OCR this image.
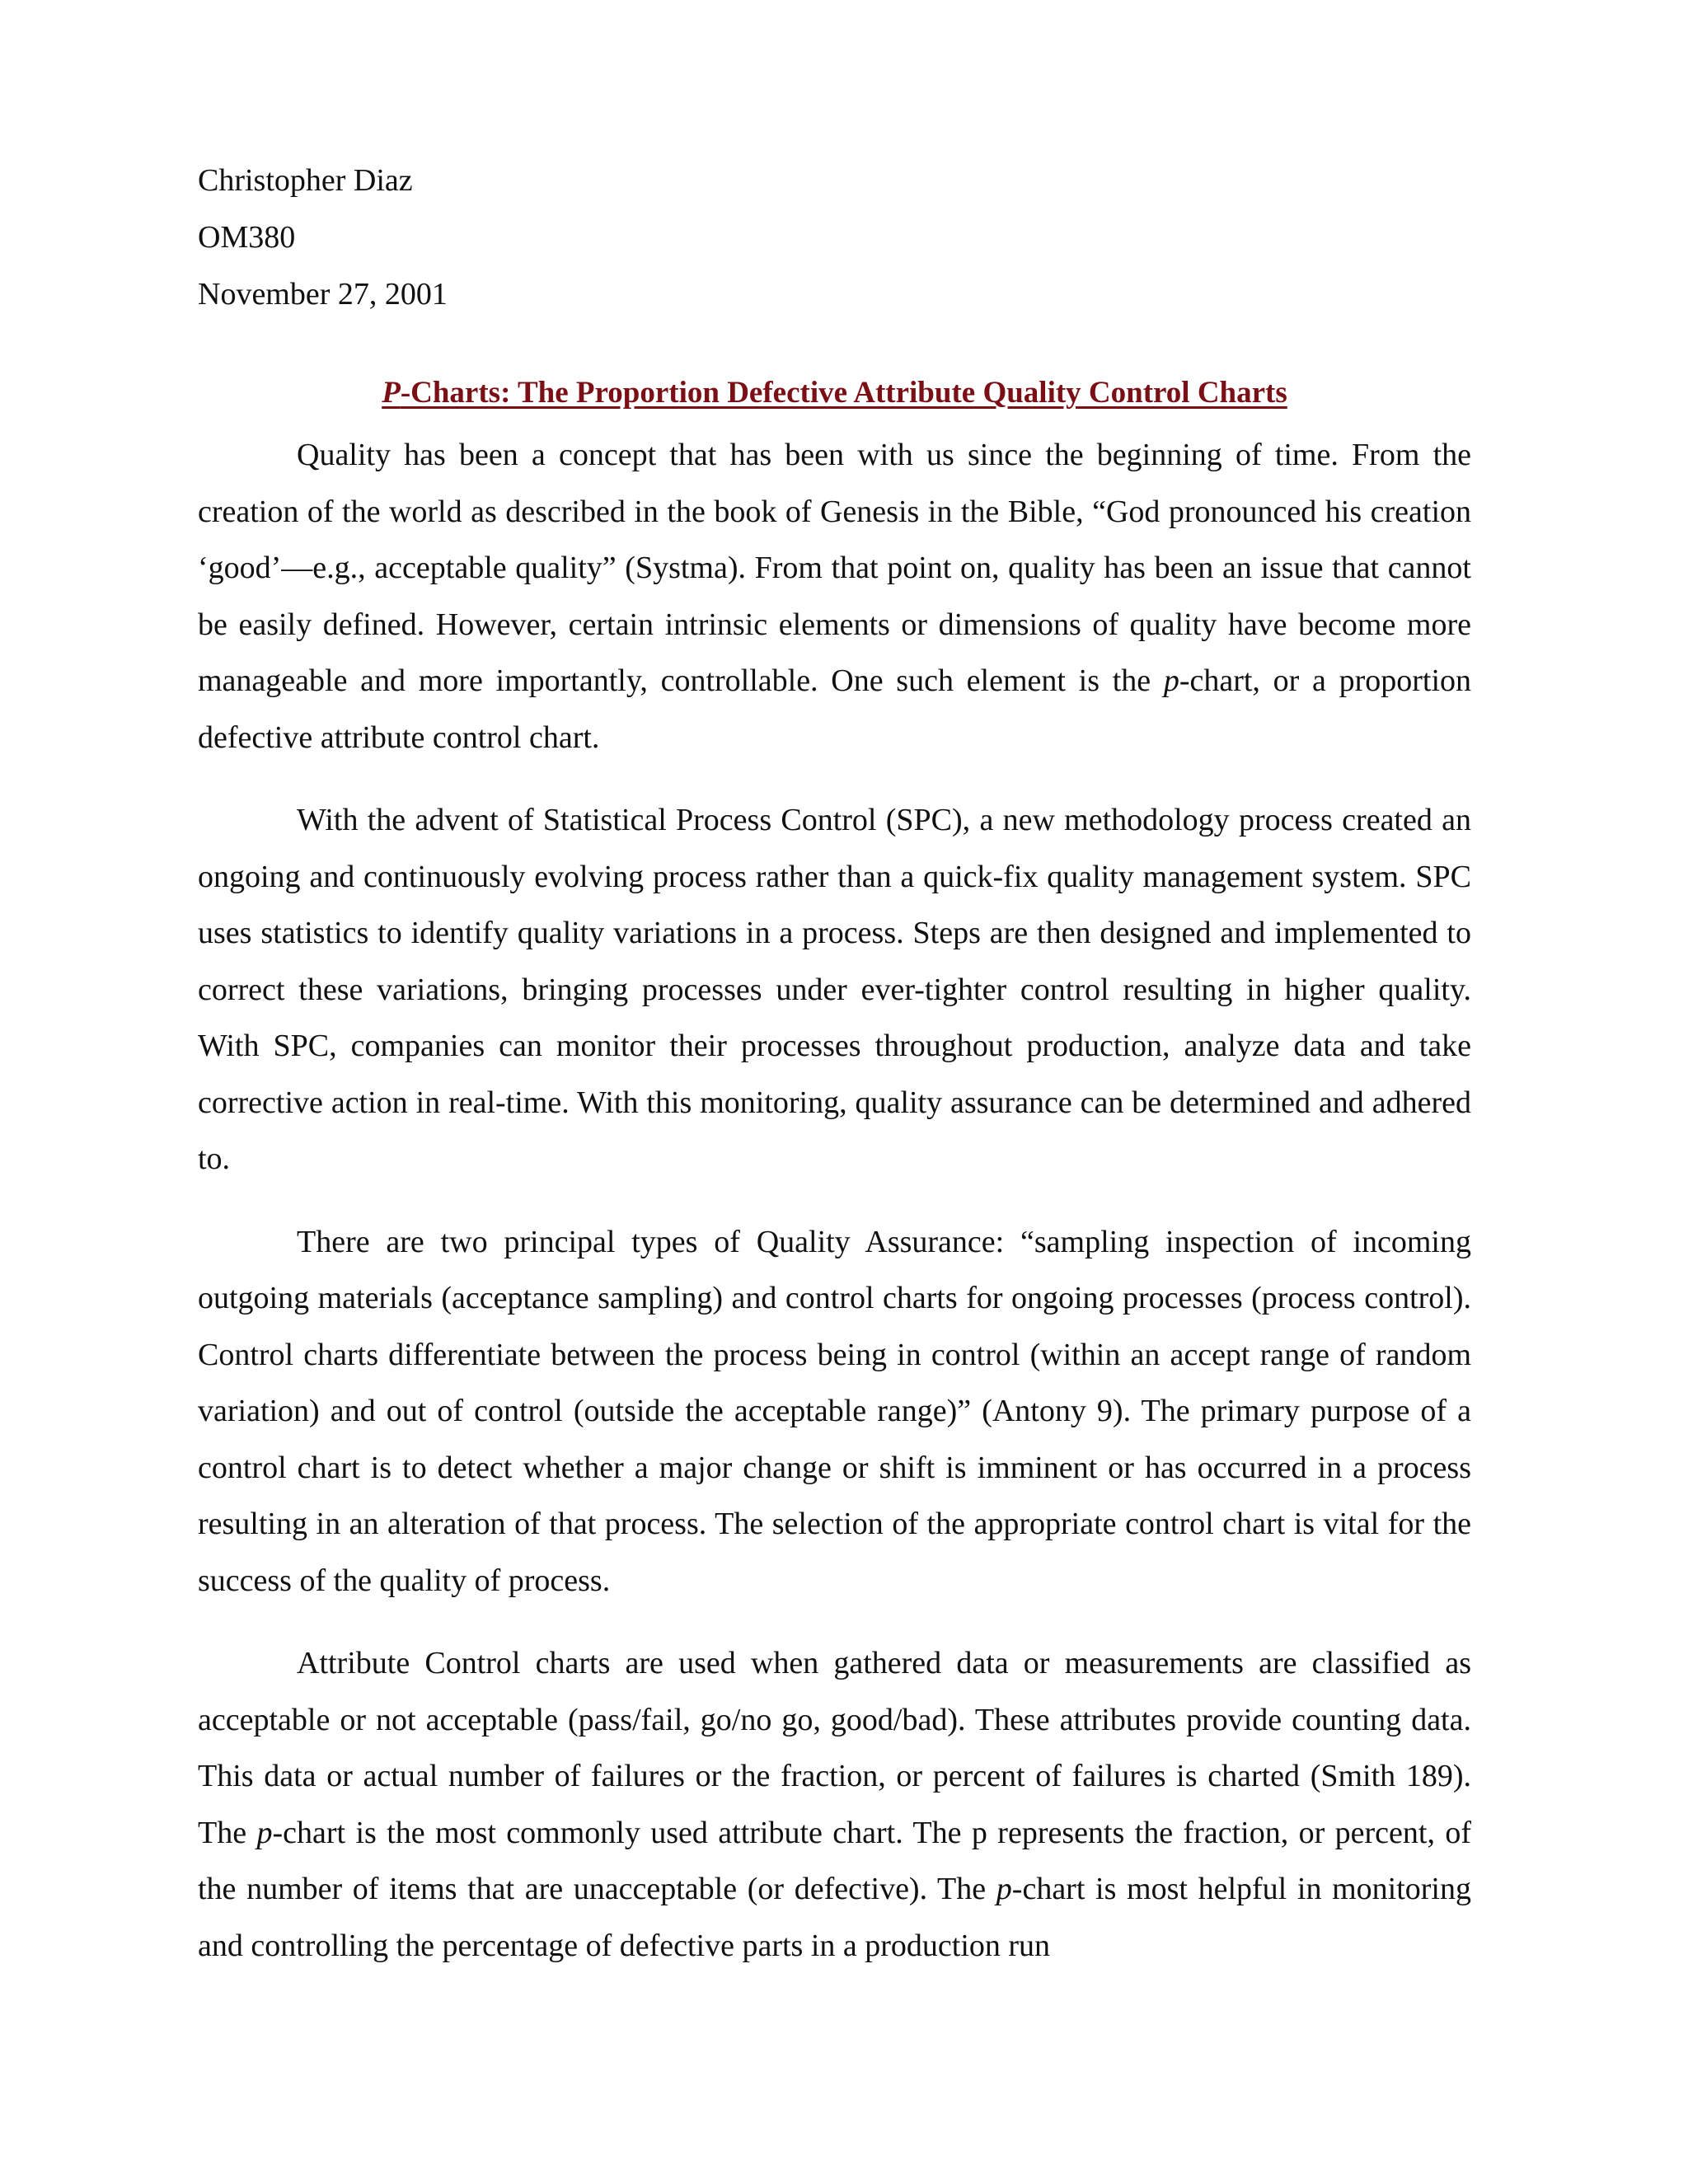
Christopher Diaz

OM380

November 27, 2001

P-Charts: The Proportion Defective Attribute Quality Control Charts

Quality has been a concept that has been with us since the beginning of time. From the creation of the world as described in the book of Genesis in the Bible, “God pronounced his creation ‘good’—e.g., acceptable quality” (Systma). From that point on, quality has been an issue that cannot be easily defined. However, certain intrinsic elements or dimensions of quality have become more manageable and more importantly, controllable. One such element is the p-chart, or a proportion defective attribute control chart.

With the advent of Statistical Process Control (SPC), a new methodology process created an ongoing and continuously evolving process rather than a quick-fix quality management system. SPC uses statistics to identify quality variations in a process. Steps are then designed and implemented to correct these variations, bringing processes under ever-tighter control resulting in higher quality. With SPC, companies can monitor their processes throughout production, analyze data and take corrective action in real-time. With this monitoring, quality assurance can be determined and adhered to.

There are two principal types of Quality Assurance: “sampling inspection of incoming outgoing materials (acceptance sampling) and control charts for ongoing processes (process control). Control charts differentiate between the process being in control (within an accept range of random variation) and out of control (outside the acceptable range)” (Antony 9). The primary purpose of a control chart is to detect whether a major change or shift is imminent or has occurred in a process resulting in an alteration of that process. The selection of the appropriate control chart is vital for the success of the quality of process.

Attribute Control charts are used when gathered data or measurements are classified as acceptable or not acceptable (pass/fail, go/no go, good/bad). These attributes provide counting data. This data or actual number of failures or the fraction, or percent of failures is charted (Smith 189). The p-chart is the most commonly used attribute chart. The p represents the fraction, or percent, of the number of items that are unacceptable (or defective). The p-chart is most helpful in monitoring and controlling the percentage of defective parts in a production run
